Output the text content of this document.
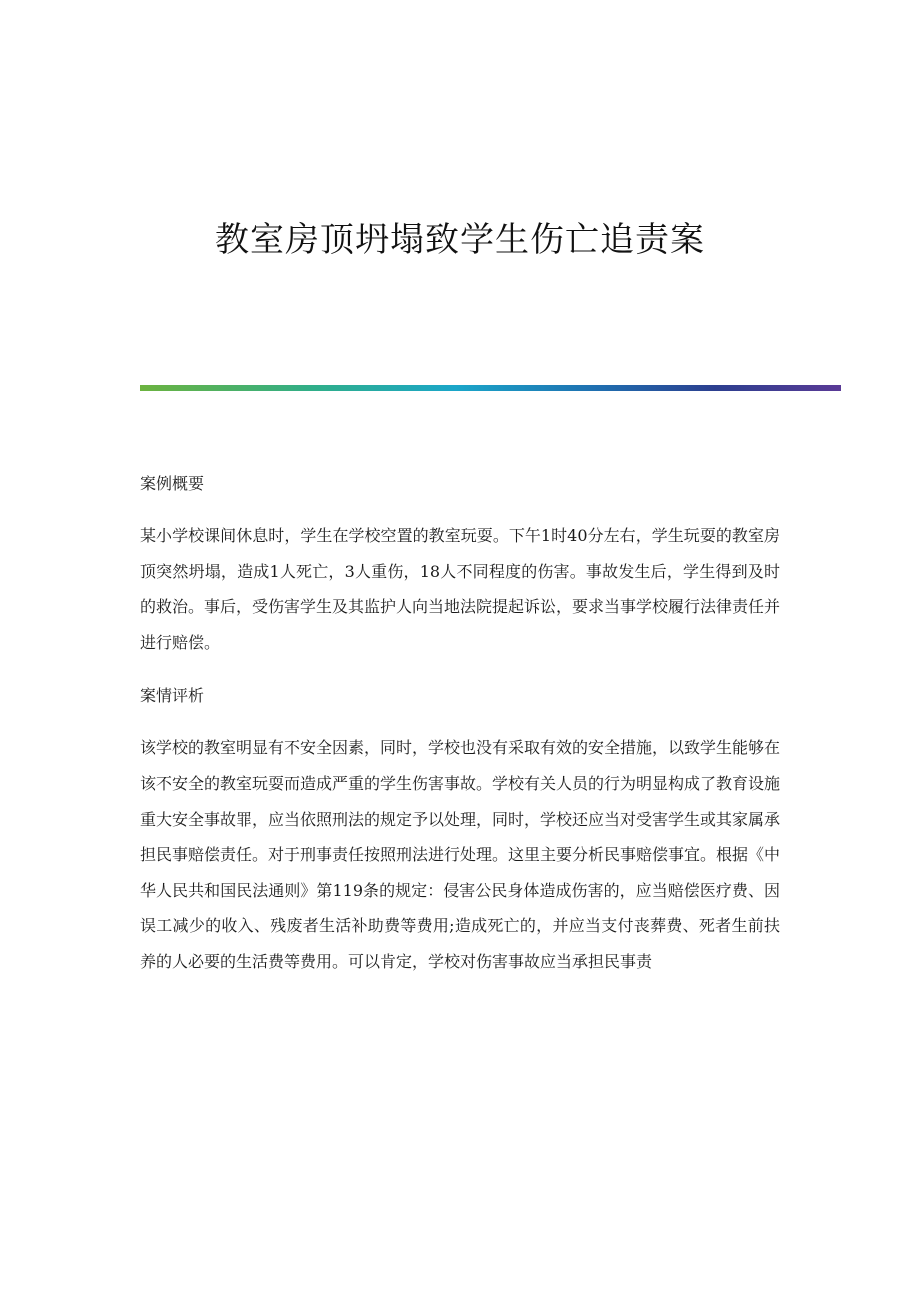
教室房顶坍塌致学生伤亡追责案

案例概要

某小学校课间休息时，学生在学校空置的教室玩耍。下午1时40分左右，学生玩耍的教室房顶突然坍塌，造成1人死亡，3人重伤，18人不同程度的伤害。事故发生后，学生得到及时的救治。事后，受伤害学生及其监护人向当地法院提起诉讼，要求当事学校履行法律责任并进行赔偿。

案情评析

该学校的教室明显有不安全因素，同时，学校也没有采取有效的安全措施，以致学生能够在该不安全的教室玩耍而造成严重的学生伤害事故。学校有关人员的行为明显构成了教育设施重大安全事故罪，应当依照刑法的规定予以处理，同时，学校还应当对受害学生或其家属承担民事赔偿责任。对于刑事责任按照刑法进行处理。这里主要分析民事赔偿事宜。根据《中华人民共和国民法通则》第119条的规定：侵害公民身体造成伤害的，应当赔偿医疗费、因误工减少的收入、残废者生活补助费等费用;造成死亡的，并应当支付丧葬费、死者生前扶养的人必要的生活费等费用。可以肯定，学校对伤害事故应当承担民事责
